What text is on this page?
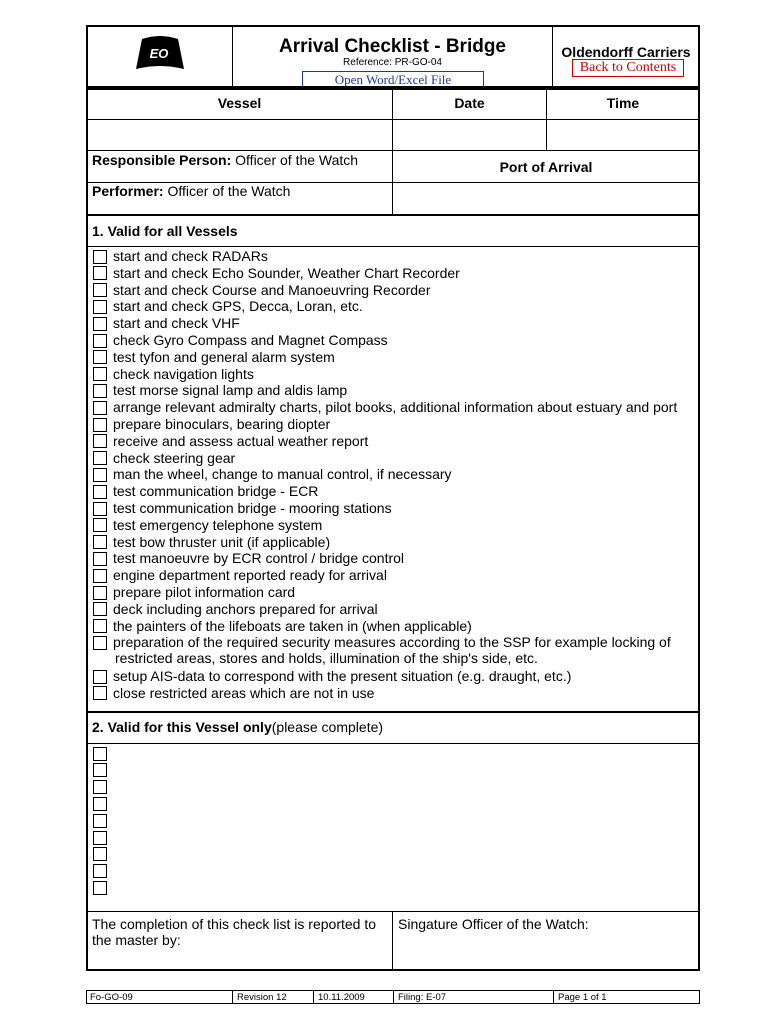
EO	Arrival Checklist - Bridge
Reference: PR-GO-04
Oldendorff Carriers
Back to Contents
Open Word/Excel File
Vessel	Date	Time
Responsible Person: Officer of the Watch
Performer: Officer of the Watch
Port of Arrival
1. Valid for all Vessels
start and check RADARs
start and check Echo Sounder, Weather Chart Recorder
start and check Course and Manoeuvring Recorder
start and check GPS, Decca, Loran, etc.
start and check VHF
check Gyro Compass and Magnet Compass
test tyfon and general alarm system
check navigation lights
test morse signal lamp and aldis lamp
arrange relevant admiralty charts, pilot books, additional information about estuary and port
prepare binoculars, bearing diopter
receive and assess actual weather report
check steering gear
man the wheel, change to manual control, if necessary
test communication bridge - ECR
test communication bridge - mooring stations
test emergency telephone system
test bow thruster unit (if applicable)
test manoeuvre by ECR control / bridge control
engine department reported ready for arrival
prepare pilot information card
deck including anchors prepared for arrival
the painters of the lifeboats are taken in (when applicable)
preparation of the required security measures according to the SSP for example locking of
setup AIS-data to correspond with the present situation (e.g. draught, etc.)
close restricted areas which are not in use
restricted areas, stores and holds, illumination of the ship's side, etc.
2. Valid for this Vessel only(please complete)
The completion of this check list is reported to
the master by:
Singature Officer of the Watch:
Fo-GO-09	Revision 12	10.11.2009	Filing: E-07	Page 1 of 1
